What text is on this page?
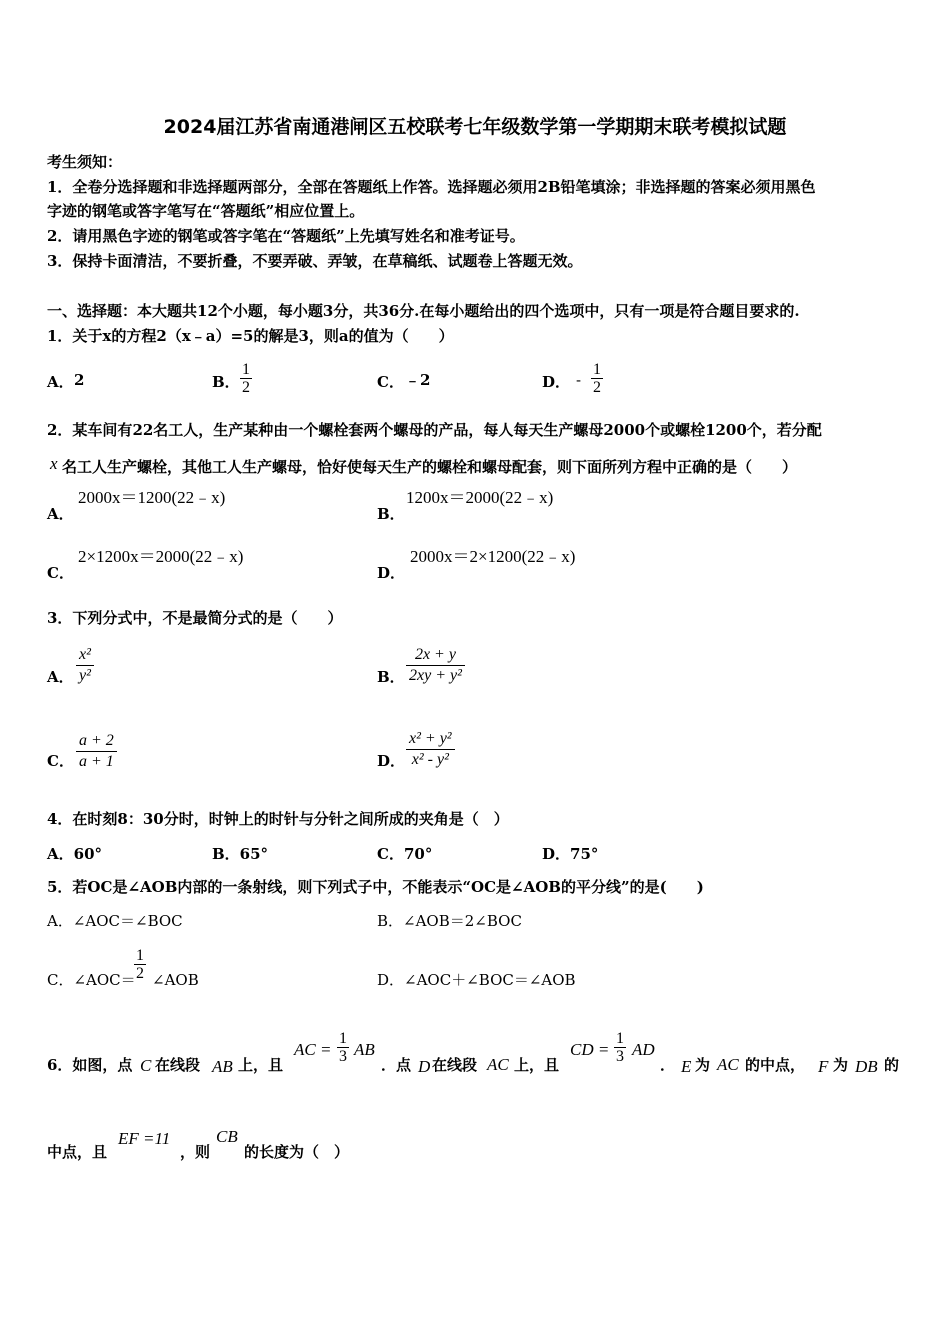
2024届江苏省南通港闸区五校联考七年级数学第一学期期末联考模拟试题
考生须知：
1．全卷分选择题和非选择题两部分，全部在答题纸上作答。选择题必须用2B铅笔填涂；非选择题的答案必须用黑色
字迹的钢笔或答字笔写在“答题纸”相应位置上。
2．请用黑色字迹的钢笔或答字笔在“答题纸”上先填写姓名和准考证号。
3．保持卡面清洁，不要折叠，不要弄破、弄皱，在草稿纸、试题卷上答题无效。
一、选择题：本大题共12个小题，每小题3分，共36分.在每小题给出的四个选项中，只有一项是符合题目要求的.
1．关于x的方程2（x﹣a）=5的解是3，则a的值为（　　）
A． 2	B． $\frac{1}{2}$	C． ﹣2	D． - $\frac{1}{2}$
2．某车间有22名工人，生产某种由一个螺栓套两个螺母的产品，每人每天生产螺母2000个或螺栓1200个，若分配
x 名工人生产螺栓，其他工人生产螺母，恰好使每天生产的螺栓和螺母配套，则下面所列方程中正确的是（　　）
A．
2000x＝1200(22﹣x)
B．
1200x＝2000(22﹣x)
C．
2×1200x＝2000(22﹣x)
D．
2000x＝2×1200(22﹣x)
3．下列分式中，不是最简分式的是（　　）
A． $\frac{\text{x²}}{\text{y²}}$	B． $\frac{2x + y}{\text{2xy + y²}}$
C． $\frac{a + 2}{a + 1}$	D． $\frac{\text{x² + y²}}{\text{x² - y²}}$
4．在时刻8：30分时，时钟上的时针与分针之间所成的夹角是（　）
A．60°	B．65°	C．70°	D．75°
5．若OC是∠AOB内部的一条射线，则下列式子中，不能表示“OC是∠AOB的平分线”的是(　　)
A．∠AOC＝∠BOC	B．∠AOB＝2∠BOC
C．∠AOC＝
$\frac{1}{2}$ ∠AOB	D．∠AOC＋∠BOC＝∠AOB
6．如图，点 C 在线段 AB 上，且
AC = $\frac{1}{3}$ AB
．点 D 在线段 AC 上，且
CD = $\frac{1}{3}$ AD
． E 为 AC 的中点， F 为 DB 的
中点，且
EF =11
，则
CB
的长度为（　）
